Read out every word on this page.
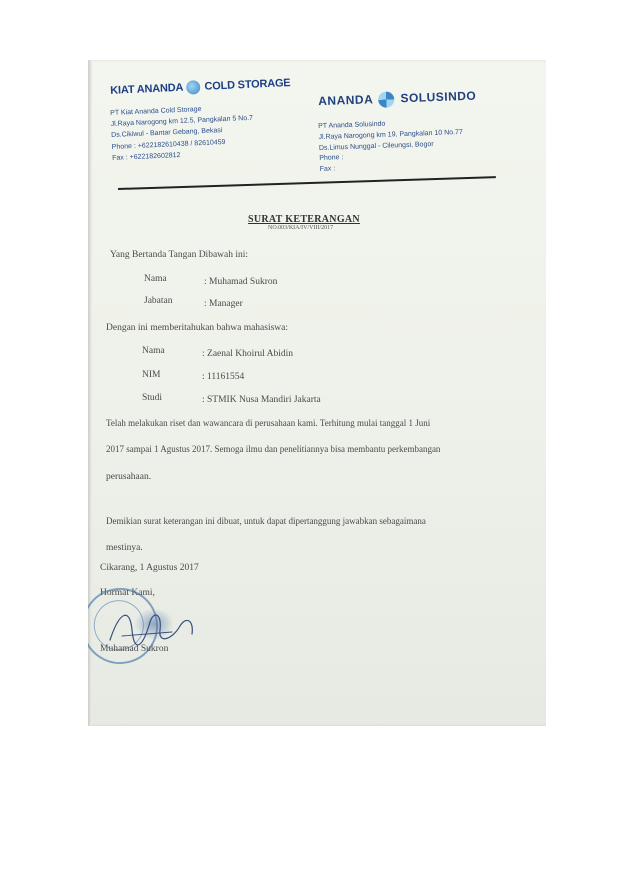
KIAT ANANDA COLD STORAGE
PT Kiat Ananda Cold Storage
Jl.Raya Narogong km 12.5, Pangkalan 5 No.7
Ds.Cikiwul - Bantar Gebang, Bekasi
Phone : +622182610438 / 82610459
Fax : +622182602812
ANANDA SOLUSINDO
PT Ananda Solusindo
Jl.Raya Narogong km 19, Pangkalan 10 No.77
Ds.Limus Nunggal - Cileungsi, Bogor
Phone :
Fax :
SURAT KETERANGAN
NO.003/KIA/IV/VIII/2017
Yang Bertanda Tangan Dibawah ini:
Nama	: Muhamad Sukron
Jabatan	: Manager
Dengan ini memberitahukan bahwa mahasiswa:
Nama	: Zaenal Khoirul Abidin
NIM	: 11161554
Studi	: STMIK Nusa Mandiri Jakarta
Telah melakukan riset dan wawancara di perusahaan kami. Terhitung mulai tanggal 1 Juni
2017 sampai 1 Agustus 2017. Semoga ilmu dan penelitiannya bisa membantu perkembangan
perusahaan.
Demikian surat keterangan ini dibuat, untuk dapat dipertanggung jawabkan sebagaimana
mestinya.
Cikarang, 1 Agustus 2017
Hormat Kami,
Muhamad Sukron
